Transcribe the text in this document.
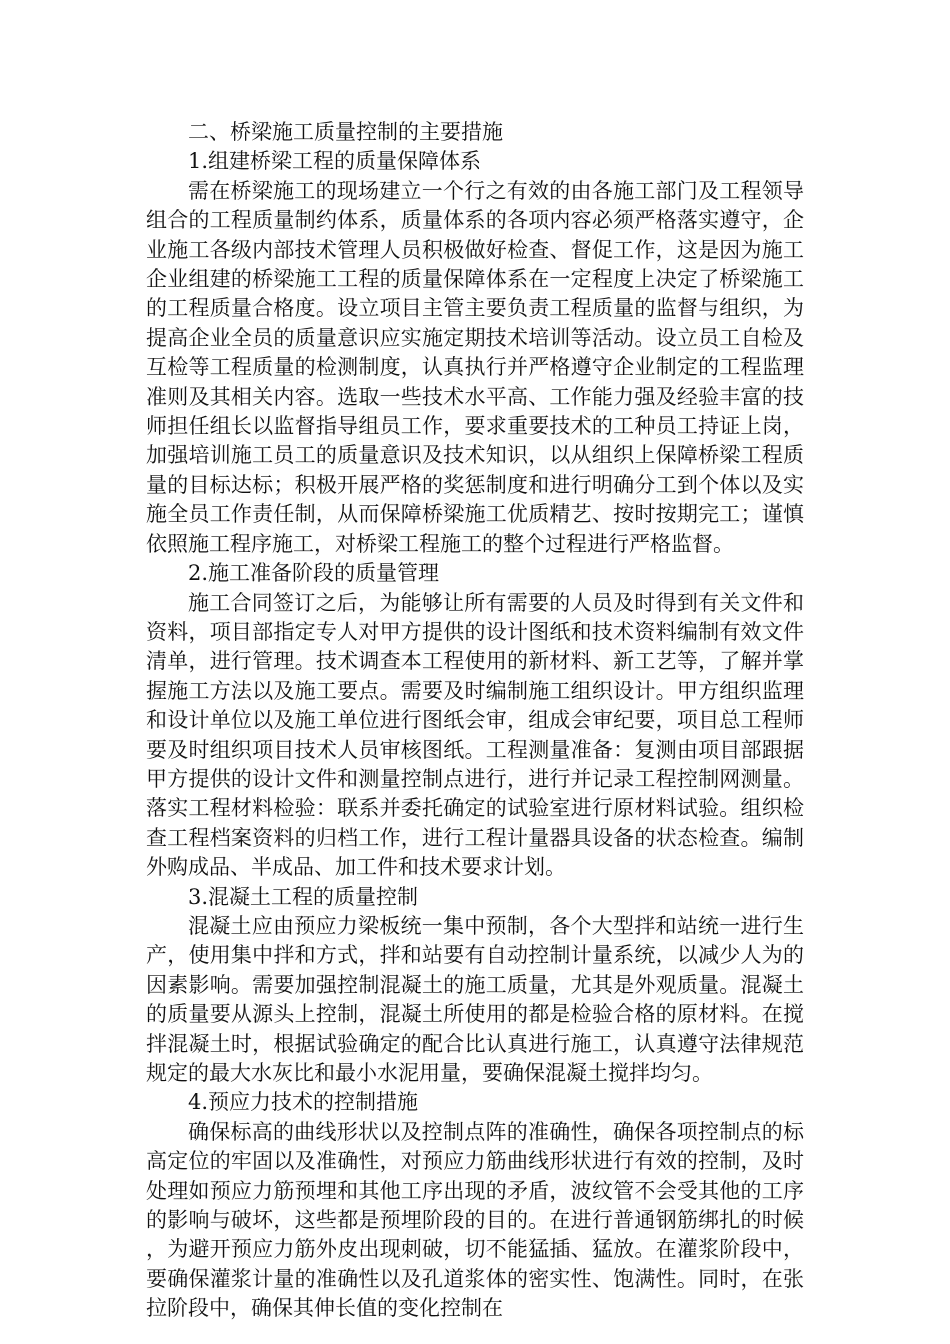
二、桥梁施工质量控制的主要措施

1.组建桥梁工程的质量保障体系

需在桥梁施工的现场建立一个行之有效的由各施工部门及工程领导组合的工程质量制约体系，质量体系的各项内容必须严格落实遵守，企业施工各级内部技术管理人员积极做好检查、督促工作，这是因为施工企业组建的桥梁施工工程的质量保障体系在一定程度上决定了桥梁施工的工程质量合格度。设立项目主管主要负责工程质量的监督与组织，为提高企业全员的质量意识应实施定期技术培训等活动。设立员工自检及互检等工程质量的检测制度，认真执行并严格遵守企业制定的工程监理准则及其相关内容。选取一些技术水平高、工作能力强及经验丰富的技师担任组长以监督指导组员工作，要求重要技术的工种员工持证上岗，加强培训施工员工的质量意识及技术知识，以从组织上保障桥梁工程质量的目标达标；积极开展严格的奖惩制度和进行明确分工到个体以及实施全员工作责任制，从而保障桥梁施工优质精艺、按时按期完工；谨慎依照施工程序施工，对桥梁工程施工的整个过程进行严格监督。

2.施工准备阶段的质量管理

施工合同签订之后，为能够让所有需要的人员及时得到有关文件和资料，项目部指定专人对甲方提供的设计图纸和技术资料编制有效文件清单，进行管理。技术调查本工程使用的新材料、新工艺等，了解并掌握施工方法以及施工要点。需要及时编制施工组织设计。甲方组织监理和设计单位以及施工单位进行图纸会审，组成会审纪要，项目总工程师要及时组织项目技术人员审核图纸。工程测量准备：复测由项目部跟据甲方提供的设计文件和测量控制点进行，进行并记录工程控制网测量。落实工程材料检验：联系并委托确定的试验室进行原材料试验。组织检查工程档案资料的归档工作，进行工程计量器具设备的状态检查。编制外购成品、半成品、加工件和技术要求计划。

3.混凝土工程的质量控制

混凝土应由预应力梁板统一集中预制，各个大型拌和站统一进行生产，使用集中拌和方式，拌和站要有自动控制计量系统，以减少人为的因素影响。需要加强控制混凝土的施工质量，尤其是外观质量。混凝土的质量要从源头上控制，混凝土所使用的都是检验合格的原材料。在搅拌混凝土时，根据试验确定的配合比认真进行施工，认真遵守法律规范规定的最大水灰比和最小水泥用量，要确保混凝土搅拌均匀。

4.预应力技术的控制措施

确保标高的曲线形状以及控制点阵的准确性，确保各项控制点的标高定位的牢固以及准确性，对预应力筋曲线形状进行有效的控制，及时处理如预应力筋预埋和其他工序出现的矛盾，波纹管不会受其他的工序的影响与破坏，这些都是预埋阶段的目的。在进行普通钢筋绑扎的时候，为避开预应力筋外皮出现刺破，切不能猛插、猛放。在灌浆阶段中，要确保灌浆计量的准确性以及孔道浆体的密实性、饱满性。同时，在张拉阶段中，确保其伸长值的变化控制在
